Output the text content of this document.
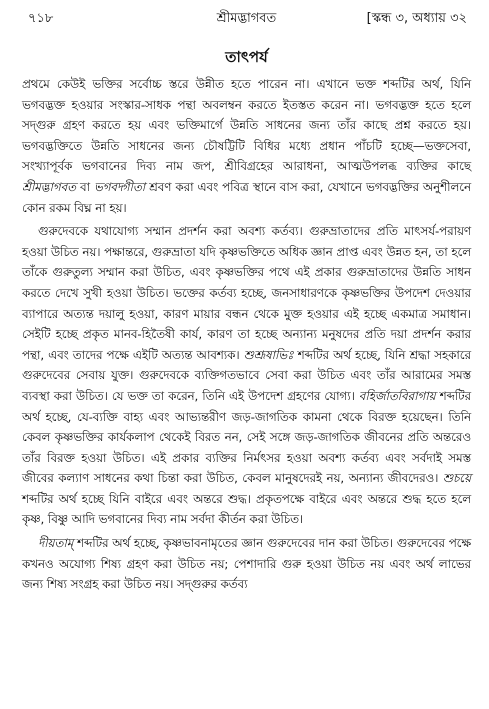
৭১৮	শ্রীমদ্ভাগবত	[স্কন্ধ ৩, অধ্যায় ৩২
তাৎপর্য

প্রথমে কেউই ভক্তির সর্বোচ্চ স্তরে উন্নীত হতে পারেন না। এখানে ভক্ত শব্দটির অর্থ, যিনি ভগবদ্ভক্ত হওয়ার সংস্কার-সাধক পন্থা অবলম্বন করতে ইতস্তত করেন না। ভগবদ্ভক্ত হতে হলে সদ্গুরু গ্রহণ করতে হয় এবং ভক্তিমার্গে উন্নতি সাধনের জন্য তাঁর কাছে প্রশ্ন করতে হয়। ভগবদ্ভক্তিতে উন্নতি সাধনের জন্য চৌষট্টিটি বিধির মধ্যে প্রধান পাঁচটি হচ্ছে—ভক্তসেবা, সংখ্যাপূর্বক ভগবানের দিব্য নাম জপ, শ্রীবিগ্রহের আরাধনা, আত্মউপলব্ধ ব্যক্তির কাছে শ্রীমদ্ভাগবত বা ভগবদ্গীতা শ্রবণ করা এবং পবিত্র স্থানে বাস করা, যেখানে ভগবদ্ভক্তির অনুশীলনে কোন রকম বিঘ্ন না হয়।

গুরুদেবকে যথাযোগ্য সম্মান প্রদর্শন করা অবশ্য কর্তব্য। গুরুভ্রাতাদের প্রতি মাৎসর্য-পরায়ণ হওয়া উচিত নয়। পক্ষান্তরে, গুরুভ্রাতা যদি কৃষ্ণভক্তিতে অধিক জ্ঞান প্রাপ্ত এবং উন্নত হন, তা হলে তাঁকে গুরুতুল্য সম্মান করা উচিত, এবং কৃষ্ণভক্তির পথে এই প্রকার গুরুভ্রাতাদের উন্নতি সাধন করতে দেখে সুখী হওয়া উচিত। ভক্তের কর্তব্য হচ্ছে, জনসাধারণকে কৃষ্ণভক্তির উপদেশ দেওয়ার ব্যাপারে অত্যন্ত দয়ালু হওয়া, কারণ মায়ার বন্ধন থেকে মুক্ত হওয়ার এই হচ্ছে একমাত্র সমাধান। সেইটি হচ্ছে প্রকৃত মানব-হিতৈষী কার্য, কারণ তা হচ্ছে অন্যান্য মনুষদের প্রতি দয়া প্রদর্শন করার পন্থা, এবং তাদের পক্ষে এইটি অত্যন্ত আবশ্যক। শুশ্রূষাভিঃ শব্দটির অর্থ হচ্ছে, যিনি শ্রদ্ধা সহকারে গুরুদেবের সেবায় যুক্ত। গুরুদেবকে ব্যক্তিগতভাবে সেবা করা উচিত এবং তাঁর আরামের সমস্ত ব্যবস্থা করা উচিত। যে ভক্ত তা করেন, তিনি এই উপদেশ গ্রহণের যোগ্য। বহির্জাতবিরাগায় শব্দটির অর্থ হচ্ছে, যে-ব্যক্তি বাহ্য এবং আভ্যন্তরীণ জড়-জাগতিক কামনা থেকে বিরক্ত হয়েছেন। তিনি কেবল কৃষ্ণভক্তির কার্যকলাপ থেকেই বিরত নন, সেই সঙ্গে জড়-জাগতিক জীবনের প্রতি অন্তরেও তাঁর বিরক্ত হওয়া উচিত। এই প্রকার ব্যক্তির নির্মৎসর হওয়া অবশ্য কর্তব্য এবং সর্বদাই সমস্ত জীবের কল্যাণ সাধনের কথা চিন্তা করা উচিত, কেবল মানুষদেরই নয়, অন্যান্য জীবদেরও। শুচয়ে শব্দটির অর্থ হচ্ছে যিনি বাইরে এবং অন্তরে শুদ্ধ। প্রকৃতপক্ষে বাইরে এবং অন্তরে শুদ্ধ হতে হলে কৃষ্ণ, বিষ্ণু আদি ভগবানের দিব্য নাম সর্বদা কীর্তন করা উচিত।

দীয়তাম্ শব্দটির অর্থ হচ্ছে, কৃষ্ণভাবনামৃতের জ্ঞান গুরুদেবের দান করা উচিত। গুরুদেবের পক্ষে কখনও অযোগ্য শিষ্য গ্রহণ করা উচিত নয়; পেশাদারি গুরু হওয়া উচিত নয় এবং অর্থ লাভের জন্য শিষ্য সংগ্রহ করা উচিত নয়। সদ্গুরুর কর্তব্য
